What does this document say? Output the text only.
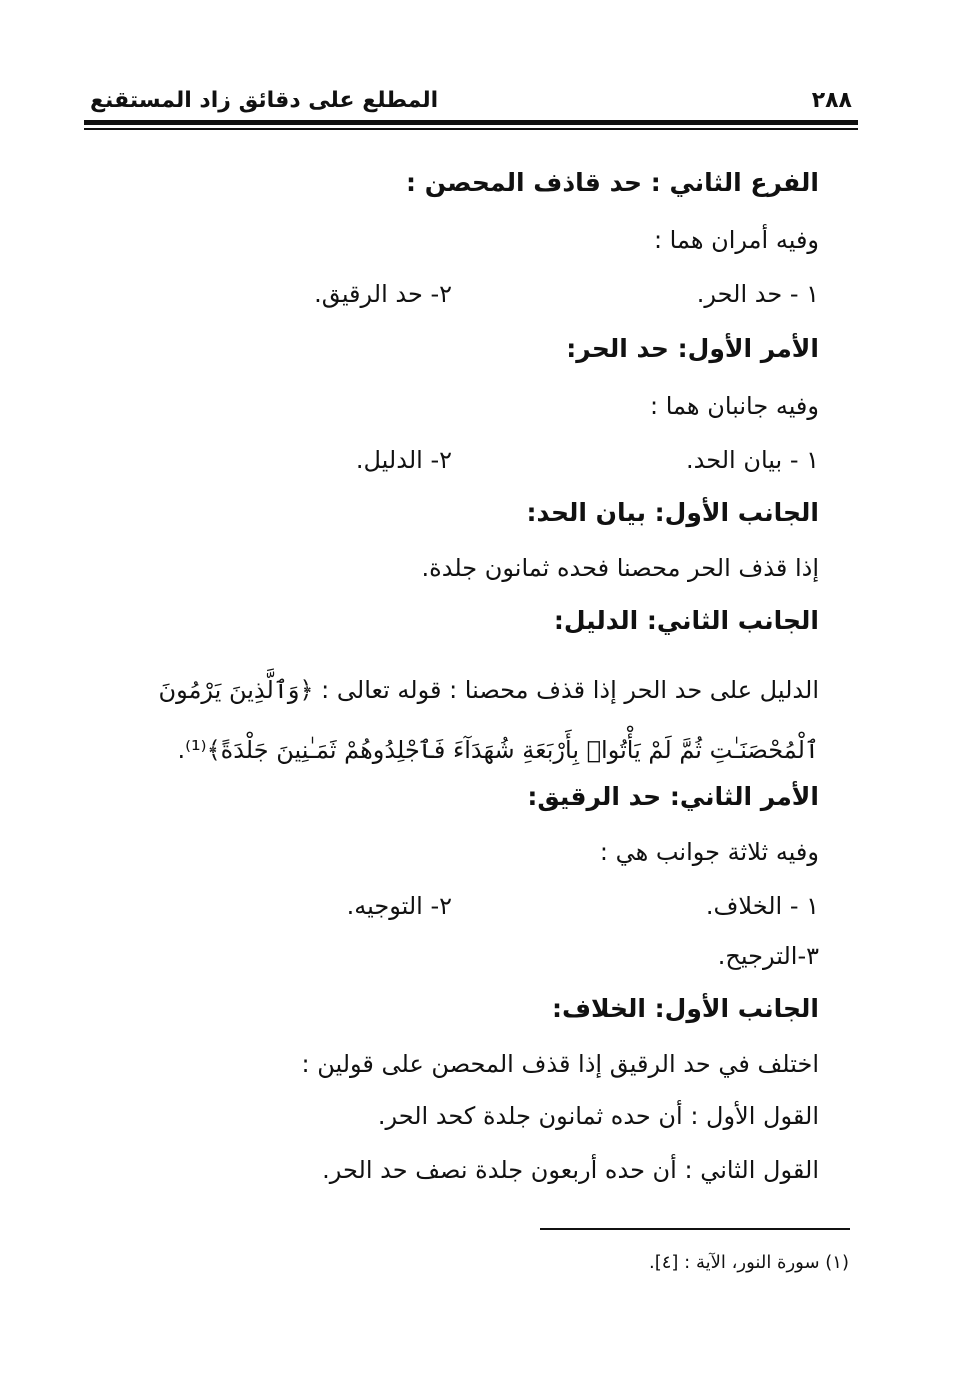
٢٨٨
المطلع على دقائق زاد المستقنع
الفرع الثاني : حد قاذف المحصن :
وفيه أمران هما :
١ - حد الحر.
٢- حد الرقيق.
الأمر الأول: حد الحر:
وفيه جانبان هما :
١ - بيان الحد.
٢- الدليل.
الجانب الأول: بيان الحد:
إذا قذف الحر محصنا فحده ثمانون جلدة.
الجانب الثاني: الدليل:
الدليل على حد الحر إذا قذف محصنا : قوله تعالى : ﴿وَٱلَّذِينَ يَرْمُونَ ٱلْمُحْصَنَـٰتِ ثُمَّ لَمْ يَأْتُوا۟ بِأَرْبَعَةِ شُهَدَآءَ فَٱجْلِدُوهُمْ ثَمَـٰنِينَ جَلْدَةً﴾⁽¹⁾.
الأمر الثاني: حد الرقيق:
وفيه ثلاثة جوانب هي :
١ - الخلاف.
٢- التوجيه.
٣-الترجيح.
الجانب الأول: الخلاف:
اختلف في حد الرقيق إذا قذف المحصن على قولين :
القول الأول : أن حده ثمانون جلدة كحد الحر.
القول الثاني : أن حده أربعون جلدة نصف حد الحر.
(١) سورة النور، الآية : [٤].
